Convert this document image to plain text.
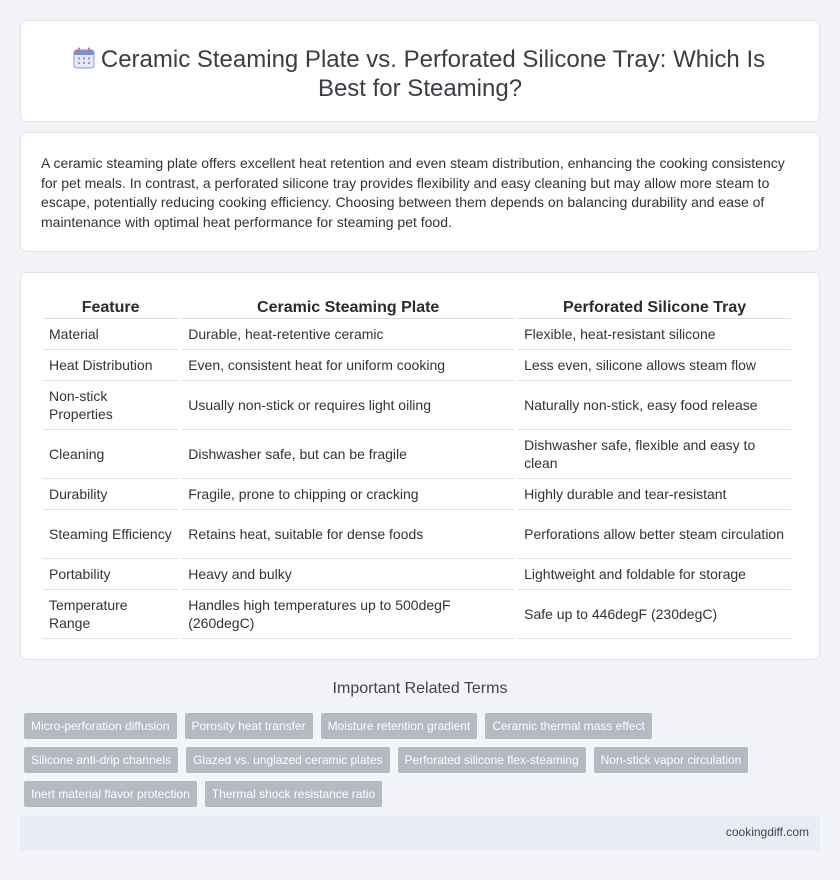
Ceramic Steaming Plate vs. Perforated Silicone Tray: Which Is
Best for Steaming?

A ceramic steaming plate offers excellent heat retention and even steam distribution, enhancing the cooking consistency for pet meals. In contrast, a perforated silicone tray provides flexibility and easy cleaning but may allow more steam to escape, potentially reducing cooking efficiency. Choosing between them depends on balancing durability and ease of maintenance with optimal heat performance for steaming pet food.

Feature	Ceramic Steaming Plate	Perforated Silicone Tray
Material	Durable, heat-retentive ceramic	Flexible, heat-resistant silicone
Heat Distribution	Even, consistent heat for uniform cooking	Less even, silicone allows steam flow
Non-stick Properties	Usually non-stick or requires light oiling	Naturally non-stick, easy food release
Cleaning	Dishwasher safe, but can be fragile	Dishwasher safe, flexible and easy to clean
Durability	Fragile, prone to chipping or cracking	Highly durable and tear-resistant
Steaming Efficiency	Retains heat, suitable for dense foods	Perforations allow better steam circulation
Portability	Heavy and bulky	Lightweight and foldable for storage
Temperature Range	Handles high temperatures up to 500degF (260degC)	Safe up to 446degF (230degC)
Important Related Terms
Micro-perforation diffusion	Porosity heat transfer	Moisture retention gradient	Ceramic thermal mass effect
Silicone anti-drip channels	Glazed vs. unglazed ceramic plates	Perforated silicone flex-steaming	Non-stick vapor circulation
Inert material flavor protection	Thermal shock resistance ratio
cookingdiff.com
